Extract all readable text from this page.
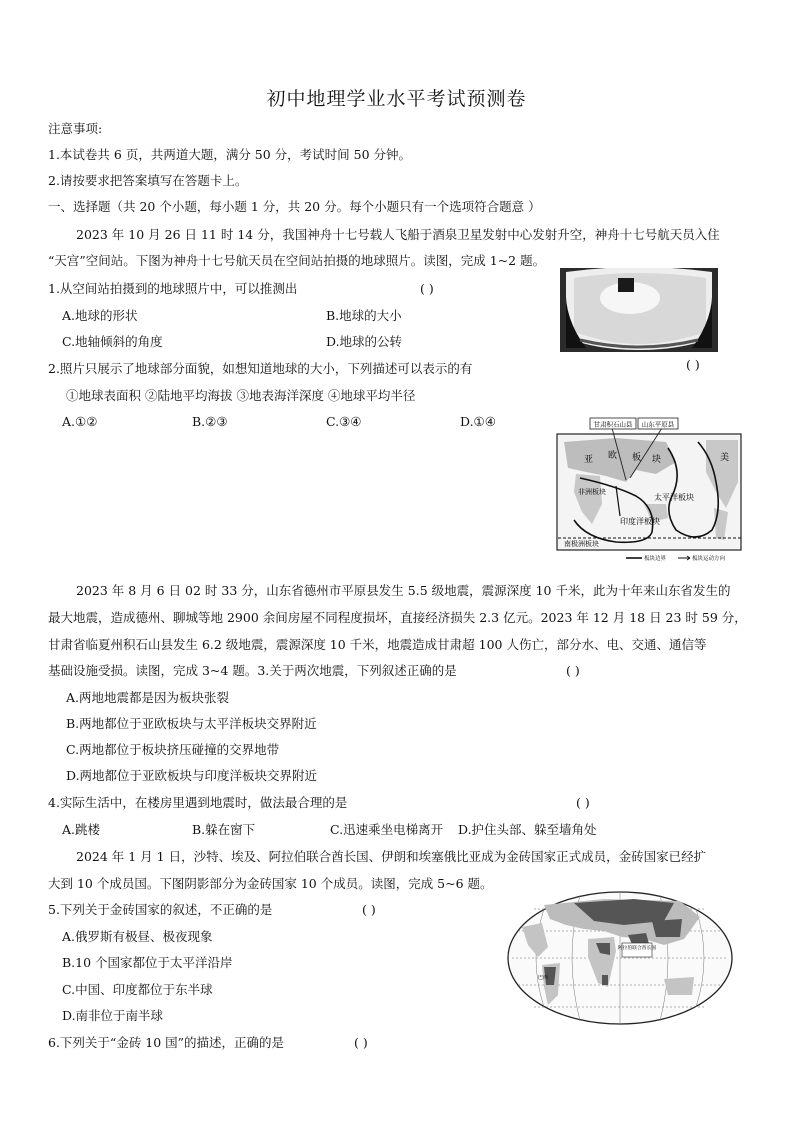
初中地理学业水平考试预测卷
注意事项:
1.本试卷共 6 页，共两道大题，满分 50 分，考试时间 50 分钟。
2.请按要求把答案填写在答题卡上。
一、选择题（共 20 个小题，每小题 1 分，共 20 分。每个小题只有一个选项符合题意 ）
2023 年 10 月 26 日 11 时 14 分，我国神舟十七号载人飞船于酒泉卫星发射中心发射升空，神舟十七号航天员入住
“天宫”空间站。下图为神舟十七号航天员在空间站拍摄的地球照片。读图，完成 1~2 题。
1.从空间站拍摄到的地球照片中，可以推测出	( )
A.地球的形状	B.地球的大小
C.地轴倾斜的角度	D.地球的公转
2.照片只展示了地球部分面貌，如想知道地球的大小，下列描述可以表示的有	( )
①地球表面积 ②陆地平均海拔 ③地表海洋深度 ④地球平均半径
A.①②	B.②③	C.③④	D.①④	甘肃积石山县 山东平原县
亚 欧 板 块
非洲板块
太平洋板块
印度洋板块
美
南极洲板块
板块边界	板块运动方向
2023 年 8 月 6 日 02 时 33 分，山东省德州市平原县发生 5.5 级地震，震源深度 10 千米，此为十年来山东省发生的
最大地震，造成德州、聊城等地 2900 余间房屋不同程度损坏，直接经济损失 2.3 亿元。2023 年 12 月 18 日 23 时 59 分，
甘肃省临夏州积石山县发生 6.2 级地震，震源深度 10 千米，地震造成甘肃超 100 人伤亡，部分水、电、交通、通信等
基础设施受损。读图，完成 3~4 题。3.关于两次地震，下列叙述正确的是	( )
A.两地地震都是因为板块张裂
B.两地都位于亚欧板块与太平洋板块交界附近
C.两地都位于板块挤压碰撞的交界地带
D.两地都位于亚欧板块与印度洋板块交界附近
4.实际生活中，在楼房里遇到地震时，做法最合理的是	( )
A.跳楼	B.躲在窗下	C.迅速乘坐电梯离开 D.护住头部、躲至墙角处
2024 年 1 月 1 日，沙特、埃及、阿拉伯联合酋长国、伊朗和埃塞俄比亚成为金砖国家正式成员，金砖国家已经扩
大到 10 个成员国。下图阴影部分为金砖国家 10 个成员。读图，完成 5~6 题。
阿拉伯联合酋长国
巴西
5.下列关于金砖国家的叙述，不正确的是	( )
A.俄罗斯有极昼、极夜现象
B.10 个国家都位于太平洋沿岸
C.中国、印度都位于东半球
D.南非位于南半球
6.下列关于“金砖 10 国”的描述，正确的是	( )
